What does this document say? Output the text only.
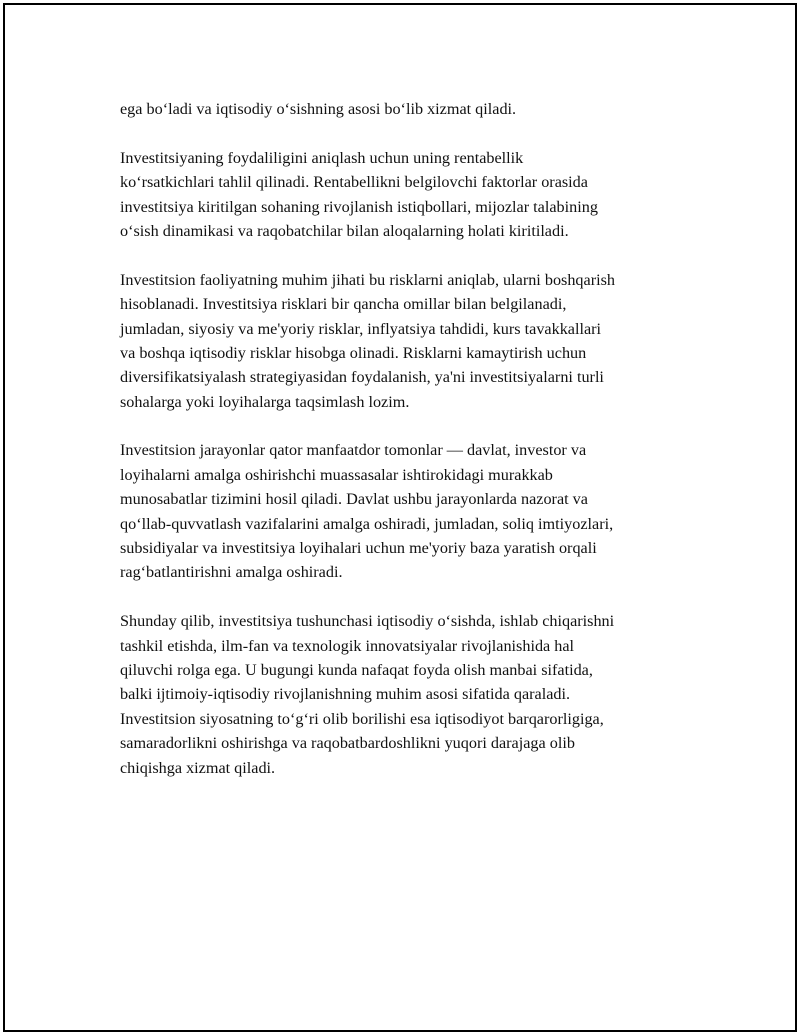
ega boʻladi va iqtisodiy oʻsishning asosi boʻlib xizmat qiladi.

Investitsiyaning foydaliligini aniqlash uchun uning rentabellik
koʻrsatkichlari tahlil qilinadi. Rentabellikni belgilovchi faktorlar orasida
investitsiya kiritilgan sohaning rivojlanish istiqbollari, mijozlar talabining
oʻsish dinamikasi va raqobatchilar bilan aloqalarning holati kiritiladi.

Investitsion faoliyatning muhim jihati bu risklarni aniqlab, ularni boshqarish
hisoblanadi. Investitsiya risklari bir qancha omillar bilan belgilanadi,
jumladan, siyosiy va me'yoriy risklar, inflyatsiya tahdidi, kurs tavakkallari
va boshqa iqtisodiy risklar hisobga olinadi. Risklarni kamaytirish uchun
diversifikatsiyalash strategiyasidan foydalanish, ya'ni investitsiyalarni turli
sohalarga yoki loyihalarga taqsimlash lozim.

Investitsion jarayonlar qator manfaatdor tomonlar — davlat, investor va
loyihalarni amalga oshirishchi muassasalar ishtirokidagi murakkab
munosabatlar tizimini hosil qiladi. Davlat ushbu jarayonlarda nazorat va
qoʻllab-quvvatlash vazifalarini amalga oshiradi, jumladan, soliq imtiyozlari,
subsidiyalar va investitsiya loyihalari uchun me'yoriy baza yaratish orqali
ragʻbatlantirishni amalga oshiradi.

Shunday qilib, investitsiya tushunchasi iqtisodiy oʻsishda, ishlab chiqarishni
tashkil etishda, ilm-fan va texnologik innovatsiyalar rivojlanishida hal
qiluvchi rolga ega. U bugungi kunda nafaqat foyda olish manbai sifatida,
balki ijtimoiy-iqtisodiy rivojlanishning muhim asosi sifatida qaraladi.
Investitsion siyosatning toʻgʻri olib borilishi esa iqtisodiyot barqarorligiga,
samaradorlikni oshirishga va raqobatbardoshlikni yuqori darajaga olib
chiqishga xizmat qiladi.
